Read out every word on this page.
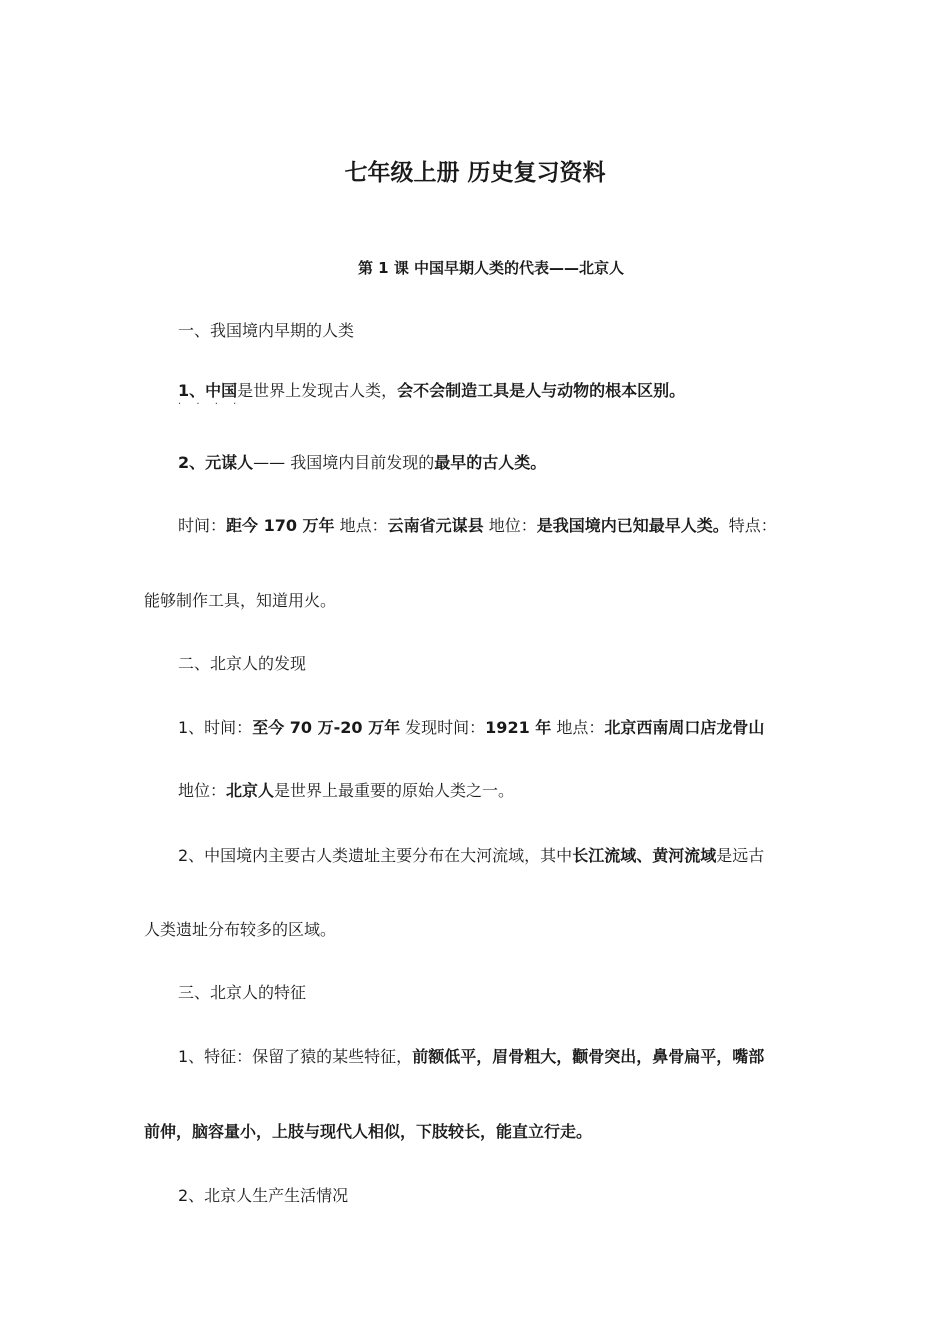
七年级上册 历史复习资料
第 1 课 中国早期人类的代表——北京人
一、我国境内早期的人类
1、中国是世界上发现古人类，会不会制造工具是人与动物的根本区别。
· · · ·
2、元谋人—— 我国境内目前发现的最早的古人类。
时间：距今 170 万年 地点：云南省元谋县 地位：是我国境内已知最早人类。特点：
能够制作工具，知道用火。
二、北京人的发现
1、时间：至今 70 万-20 万年 发现时间：1921 年 地点：北京西南周口店龙骨山
地位：北京人是世界上最重要的原始人类之一。
2、中国境内主要古人类遗址主要分布在大河流域，其中长江流域、黄河流域是远古
人类遗址分布较多的区域。
三、北京人的特征
1、特征：保留了猿的某些特征，前额低平，眉骨粗大，颧骨突出，鼻骨扁平，嘴部
前伸，脑容量小，上肢与现代人相似，下肢较长，能直立行走。
2、北京人生产生活情况
